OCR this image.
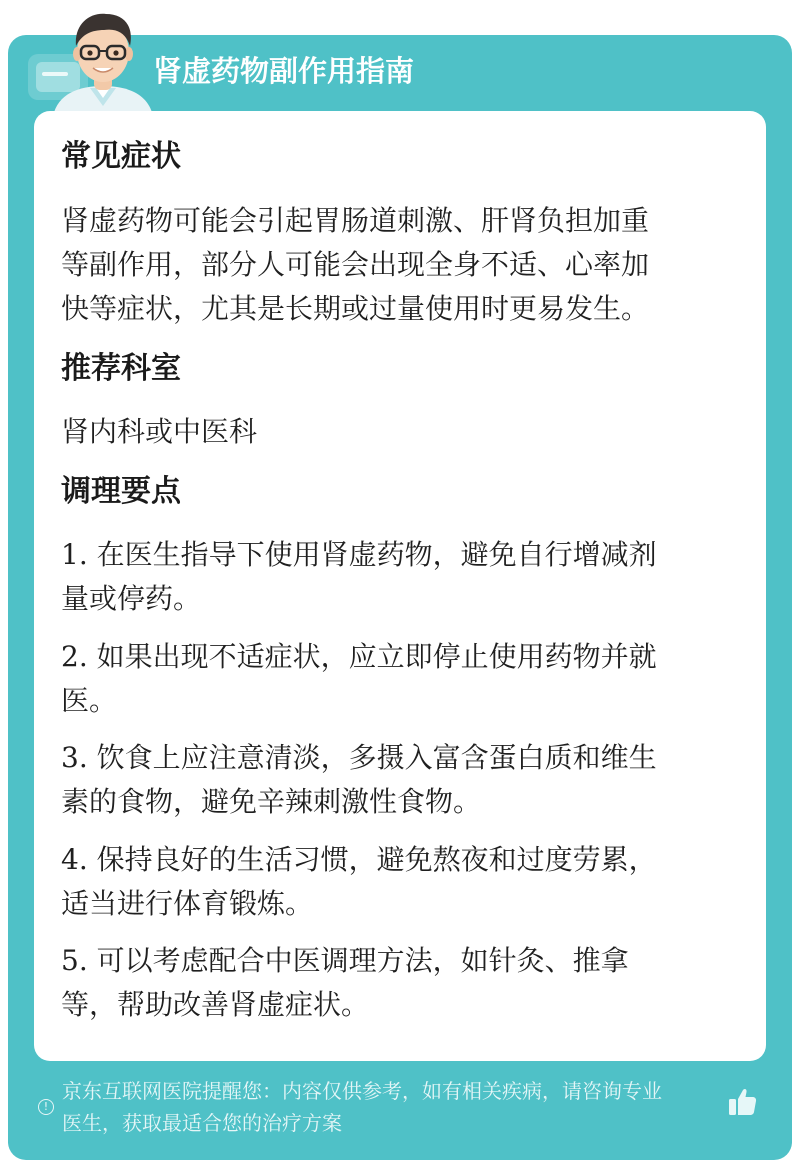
肾虚药物副作用指南
常见症状
肾虚药物可能会引起胃肠道刺激、肝肾负担加重
等副作用，部分人可能会出现全身不适、心率加
快等症状，尤其是长期或过量使用时更易发生。
推荐科室
肾内科或中医科
调理要点
1. 在医生指导下使用肾虚药物，避免自行增减剂
量或停药。
2. 如果出现不适症状，应立即停止使用药物并就
医。
3. 饮食上应注意清淡，多摄入富含蛋白质和维生
素的食物，避免辛辣刺激性食物。
4. 保持良好的生活习惯，避免熬夜和过度劳累，
适当进行体育锻炼。
5. 可以考虑配合中医调理方法，如针灸、推拿
等，帮助改善肾虚症状。
!
京东互联网医院提醒您：内容仅供参考，如有相关疾病，请咨询专业
医生，获取最适合您的治疗方案
